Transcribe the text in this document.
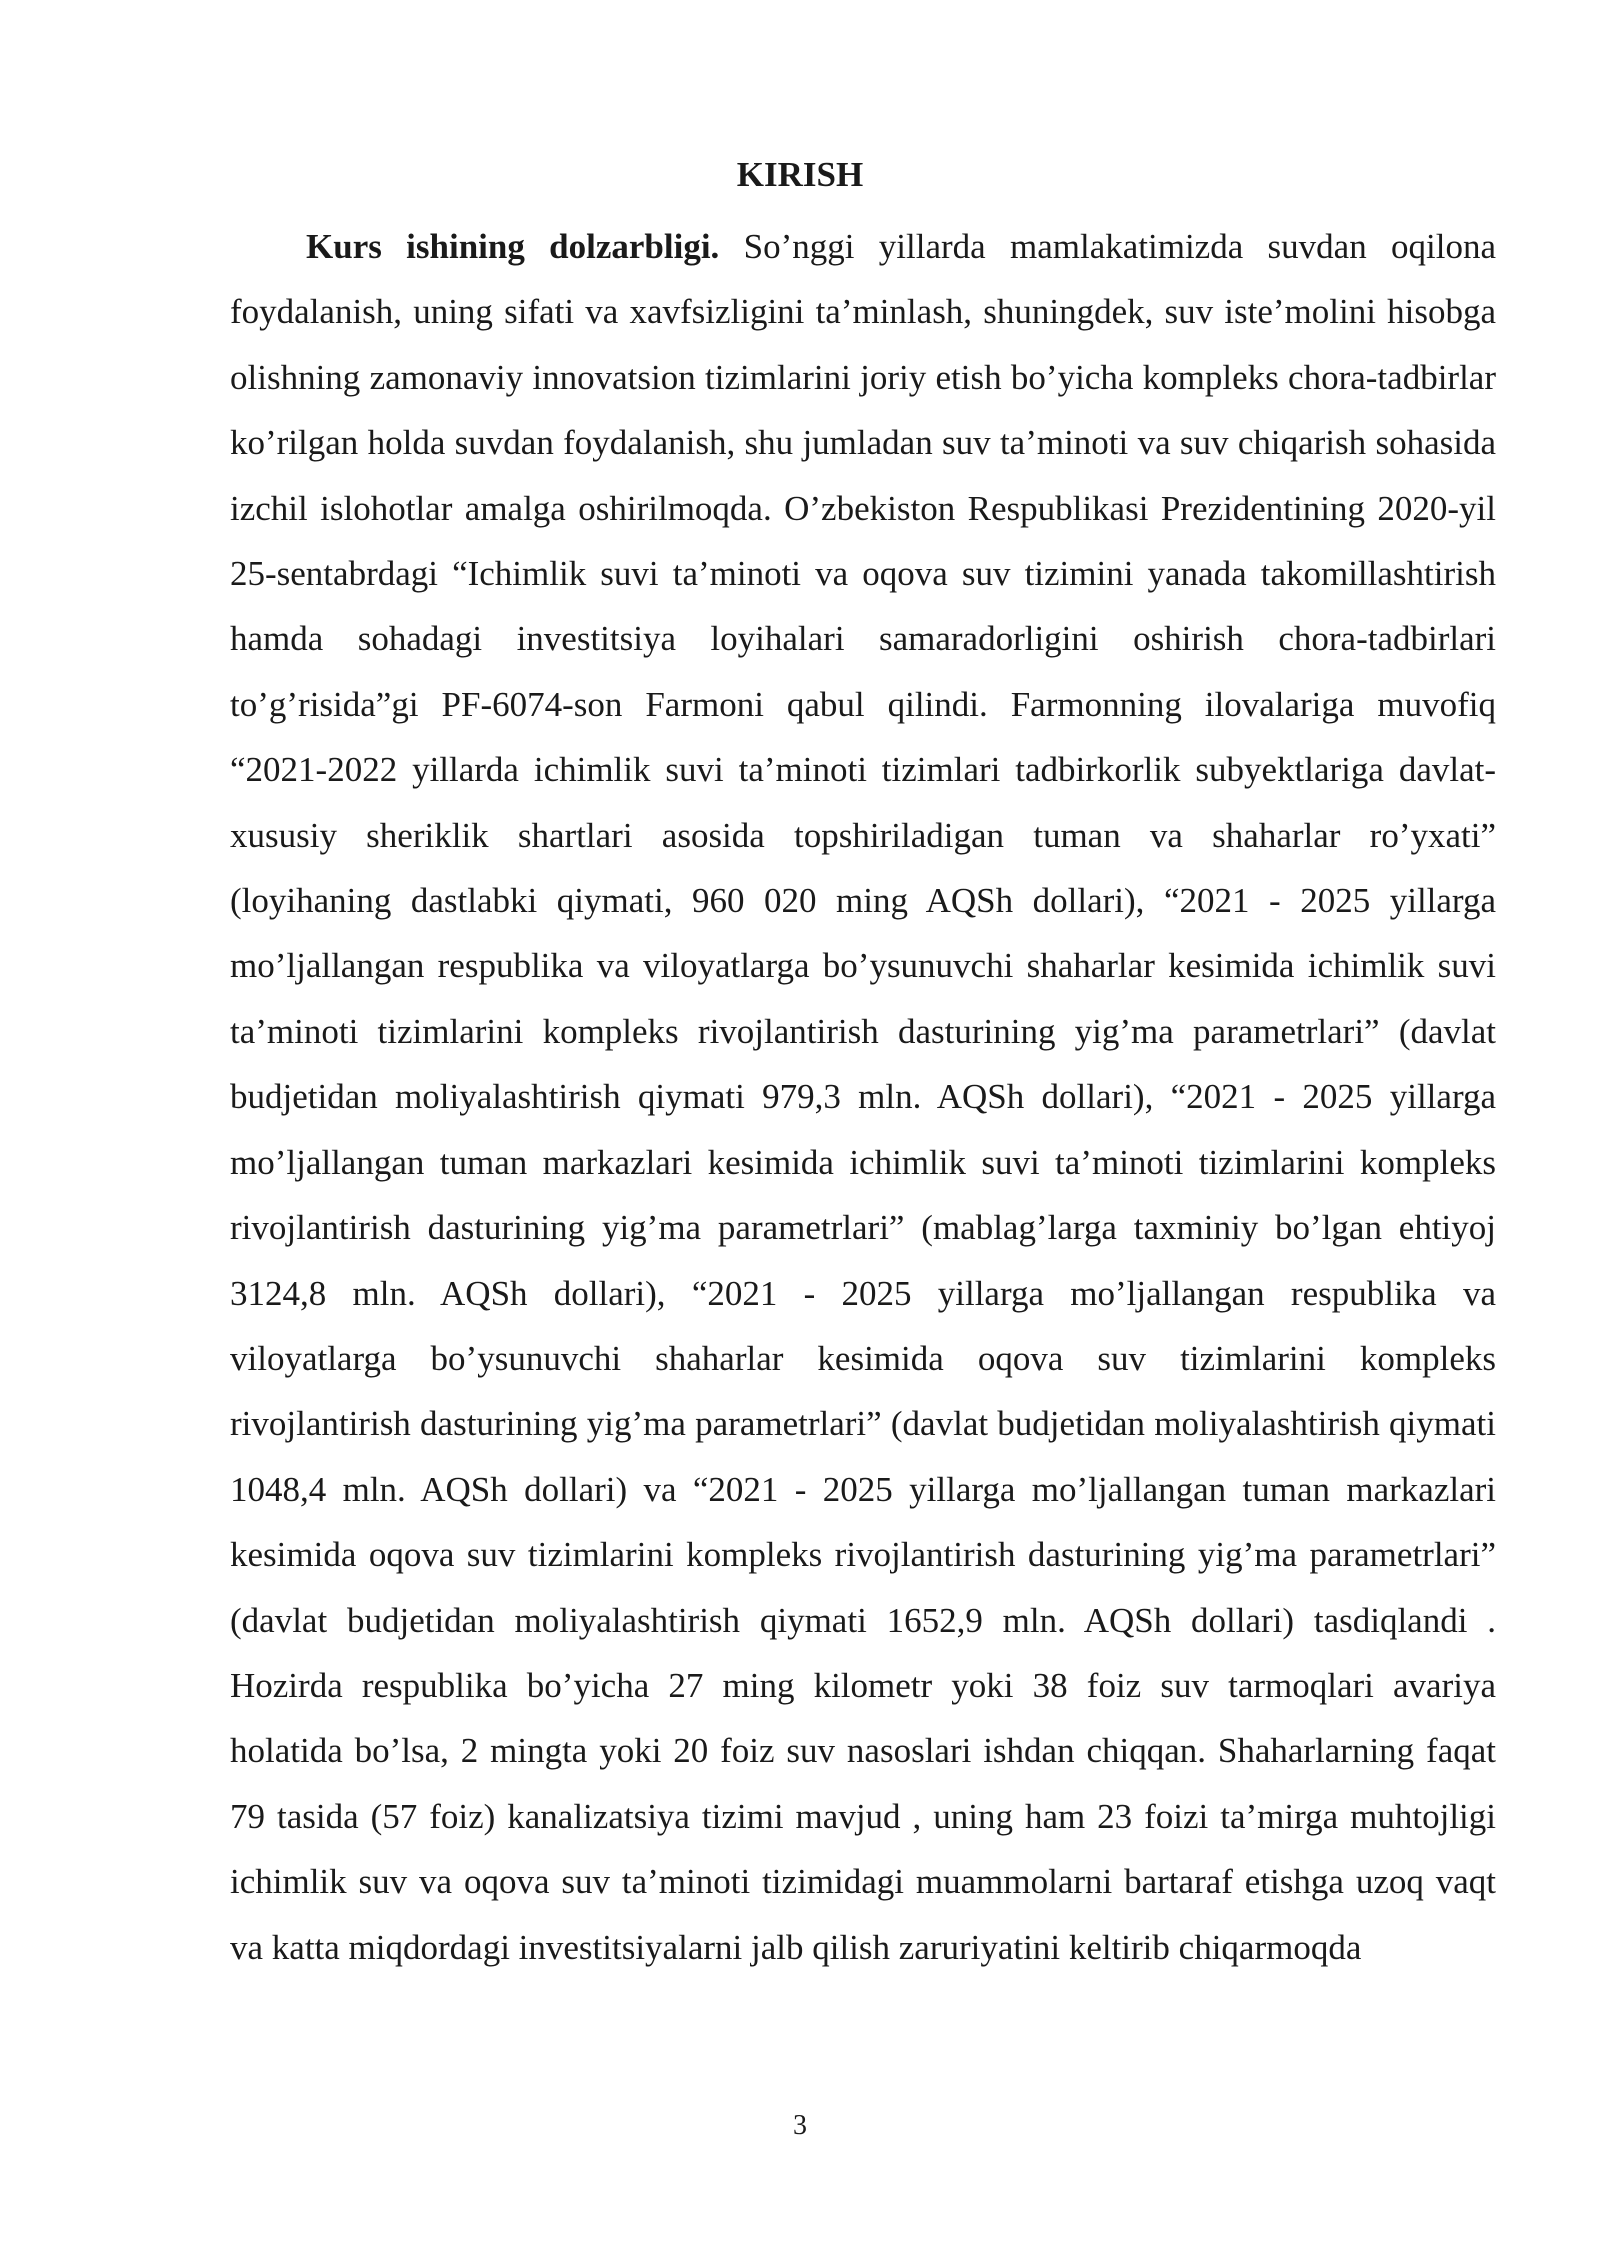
KIRISH

Kurs ishining dolzarbligi. So’nggi yillarda mamlakatimizda suvdan oqilona foydalanish, uning sifati va xavfsizligini ta’minlash, shuningdek, suv iste’molini hisobga olishning zamonaviy innovatsion tizimlarini joriy etish bo’yicha kompleks chora-tadbirlar ko’rilgan holda suvdan foydalanish, shu jumladan suv ta’minoti va suv chiqarish sohasida izchil islohotlar amalga oshirilmoqda. O’zbekiston Respublikasi Prezidentining 2020-yil 25-sentabrdagi “Ichimlik suvi ta’minoti va oqova suv tizimini yanada takomillashtirish hamda sohadagi investitsiya loyihalari samaradorligini oshirish chora-tadbirlari to’g’risida”gi PF-6074-son Farmoni qabul qilindi. Farmonning ilovalariga muvofiq “2021-2022 yillarda ichimlik suvi ta’minoti tizimlari tadbirkorlik subyektlariga davlat-xususiy sheriklik shartlari asosida topshiriladigan tuman va shaharlar ro’yxati” (loyihaning dastlabki qiymati, 960 020 ming AQSh dollari), “2021 - 2025 yillarga mo’ljallangan respublika va viloyatlarga bo’ysunuvchi shaharlar kesimida ichimlik suvi ta’minoti tizimlarini kompleks rivojlantirish dasturining yig’ma parametrlari” (davlat budjetidan moliyalashtirish qiymati 979,3 mln. AQSh dollari), “2021 - 2025 yillarga mo’ljallangan tuman markazlari kesimida ichimlik suvi ta’minoti tizimlarini kompleks rivojlantirish dasturining yig’ma parametrlari” (mablag’larga taxminiy bo’lgan ehtiyoj 3124,8 mln. AQSh dollari), “2021 - 2025 yillarga mo’ljallangan respublika va viloyatlarga bo’ysunuvchi shaharlar kesimida oqova suv tizimlarini kompleks rivojlantirish dasturining yig’ma parametrlari” (davlat budjetidan moliyalashtirish qiymati 1048,4 mln. AQSh dollari) va “2021 - 2025 yillarga mo’ljallangan tuman markazlari kesimida oqova suv tizimlarini kompleks rivojlantirish dasturining yig’ma parametrlari” (davlat budjetidan moliyalashtirish qiymati 1652,9 mln. AQSh dollari) tasdiqlandi . Hozirda respublika bo’yicha 27 ming kilometr yoki 38 foiz suv tarmoqlari avariya holatida bo’lsa, 2 mingta yoki 20 foiz suv nasoslari ishdan chiqqan. Shaharlarning faqat 79 tasida (57 foiz) kanalizatsiya tizimi mavjud , uning ham 23 foizi ta’mirga muhtojligi ichimlik suv va oqova suv ta’minoti tizimidagi muammolarni bartaraf etishga uzoq vaqt va katta miqdordagi investitsiyalarni jalb qilish zaruriyatini keltirib chiqarmoqda

3
